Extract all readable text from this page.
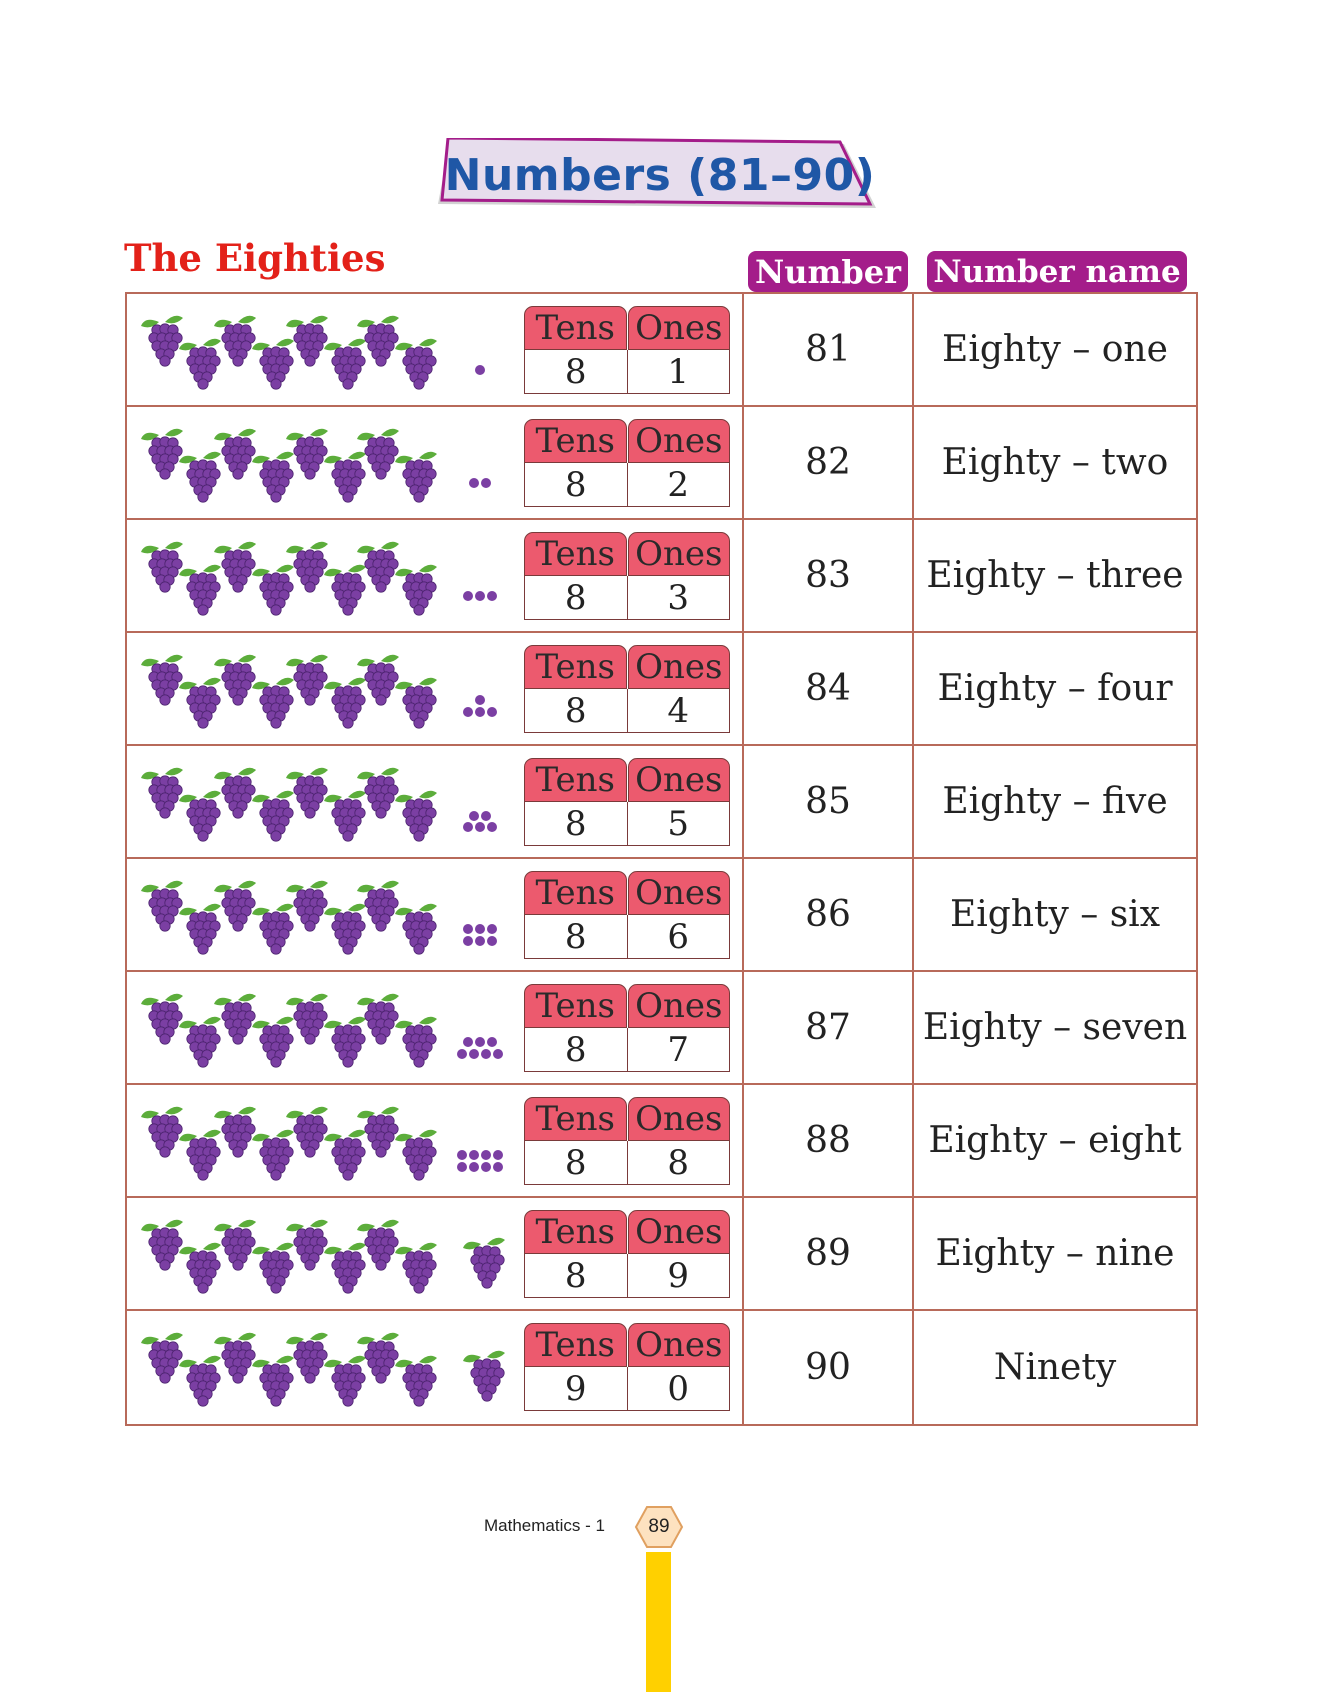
Numbers (81–90)
The Eighties	Number Number name
Tens Ones
8	1
81	Eighty – one
Tens Ones
8	2
82	Eighty – two
Tens Ones
8	3
83	Eighty – three
Tens Ones
8	4
84	Eighty – four
Tens Ones
8	5
85	Eighty – five
Tens Ones
8	6
86	Eighty – six
Tens Ones
8	7
87	Eighty – seven
Tens Ones
8	8
88	Eighty – eight
Tens Ones
8	9
89	Eighty – nine
Tens Ones
9	0
90	Ninety
Mathematics - 1	89
